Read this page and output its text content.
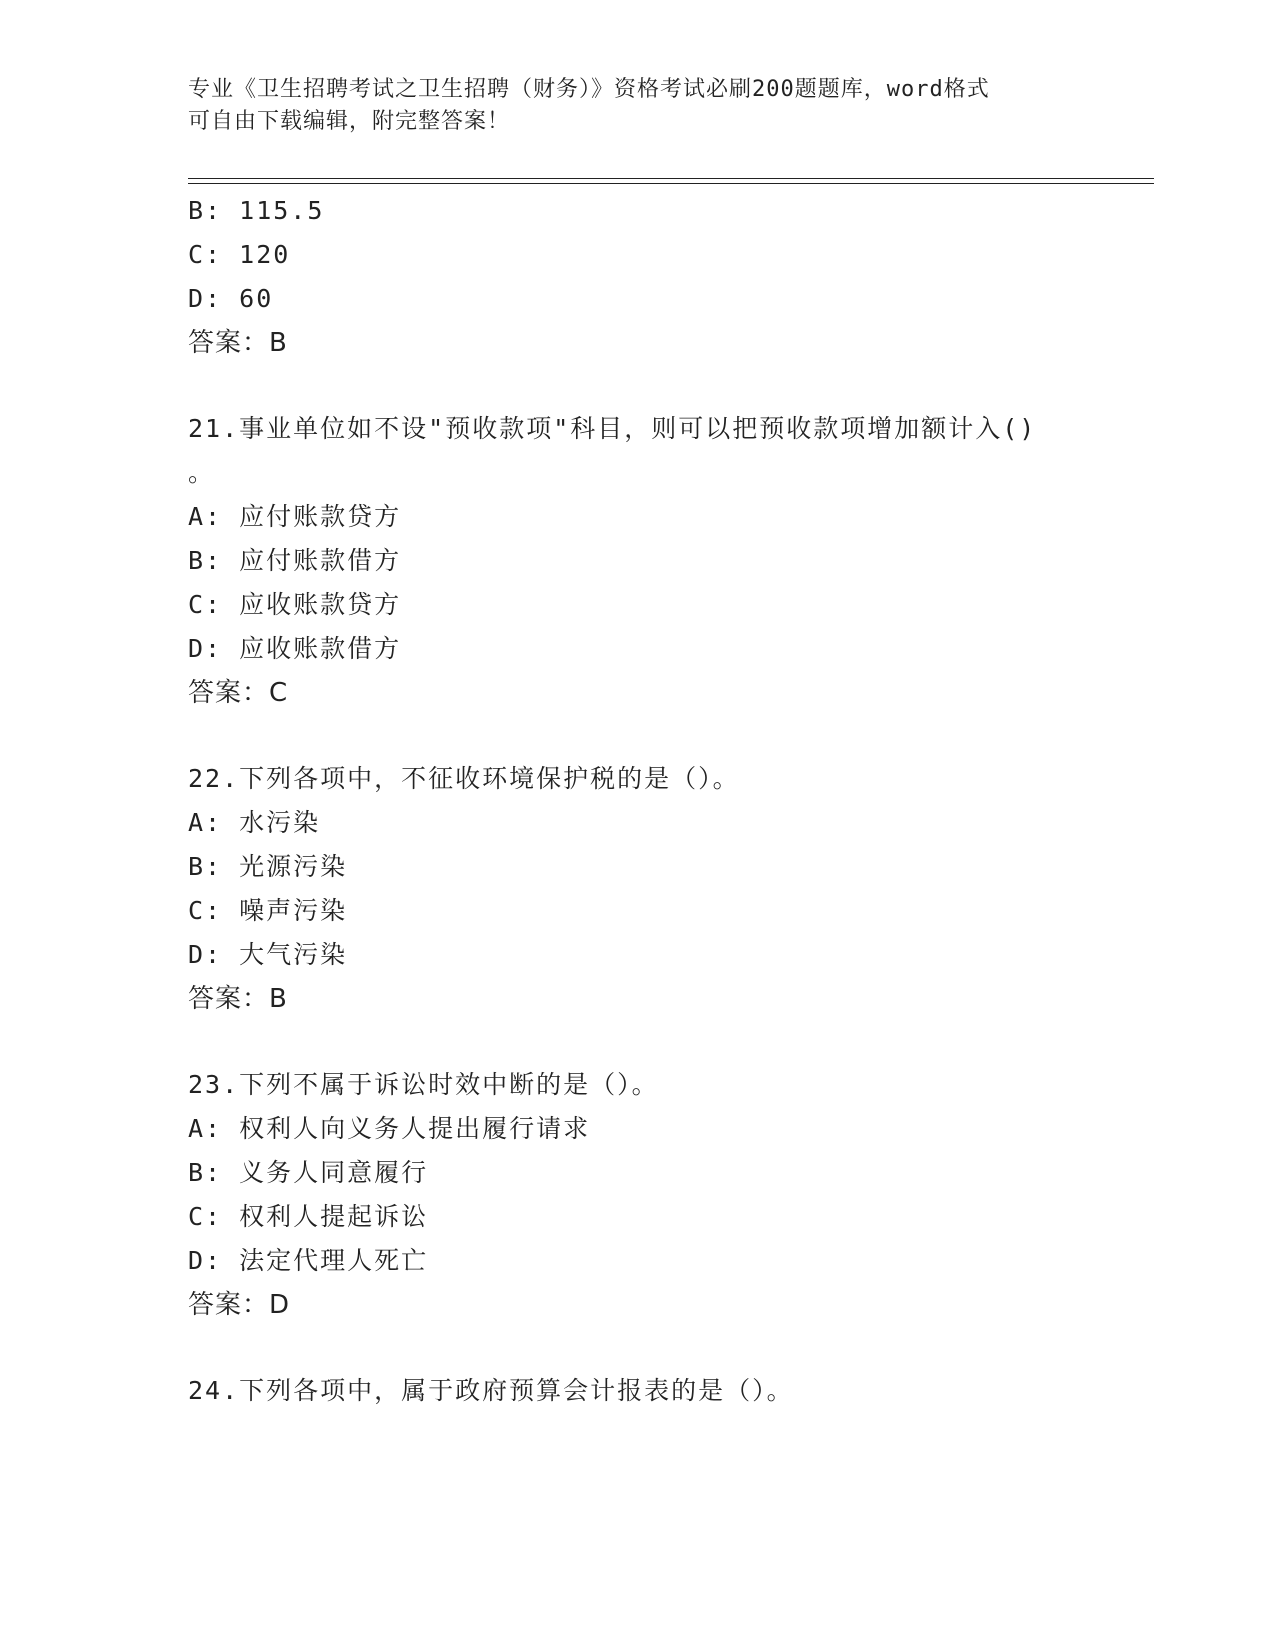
专业《卫生招聘考试之卫生招聘（财务）》资格考试必刷200题题库，word格式
可自由下载编辑，附完整答案！
B: 115.5
C: 120
D: 60
答案：B
21.事业单位如不设"预收款项"科目，则可以把预收款项增加额计入()
。
A: 应付账款贷方
B: 应付账款借方
C: 应收账款贷方
D: 应收账款借方
答案：C
22.下列各项中，不征收环境保护税的是（）。
A: 水污染
B: 光源污染
C: 噪声污染
D: 大气污染
答案：B
23.下列不属于诉讼时效中断的是（）。
A: 权利人向义务人提出履行请求
B: 义务人同意履行
C: 权利人提起诉讼
D: 法定代理人死亡
答案：D
24.下列各项中，属于政府预算会计报表的是（）。
